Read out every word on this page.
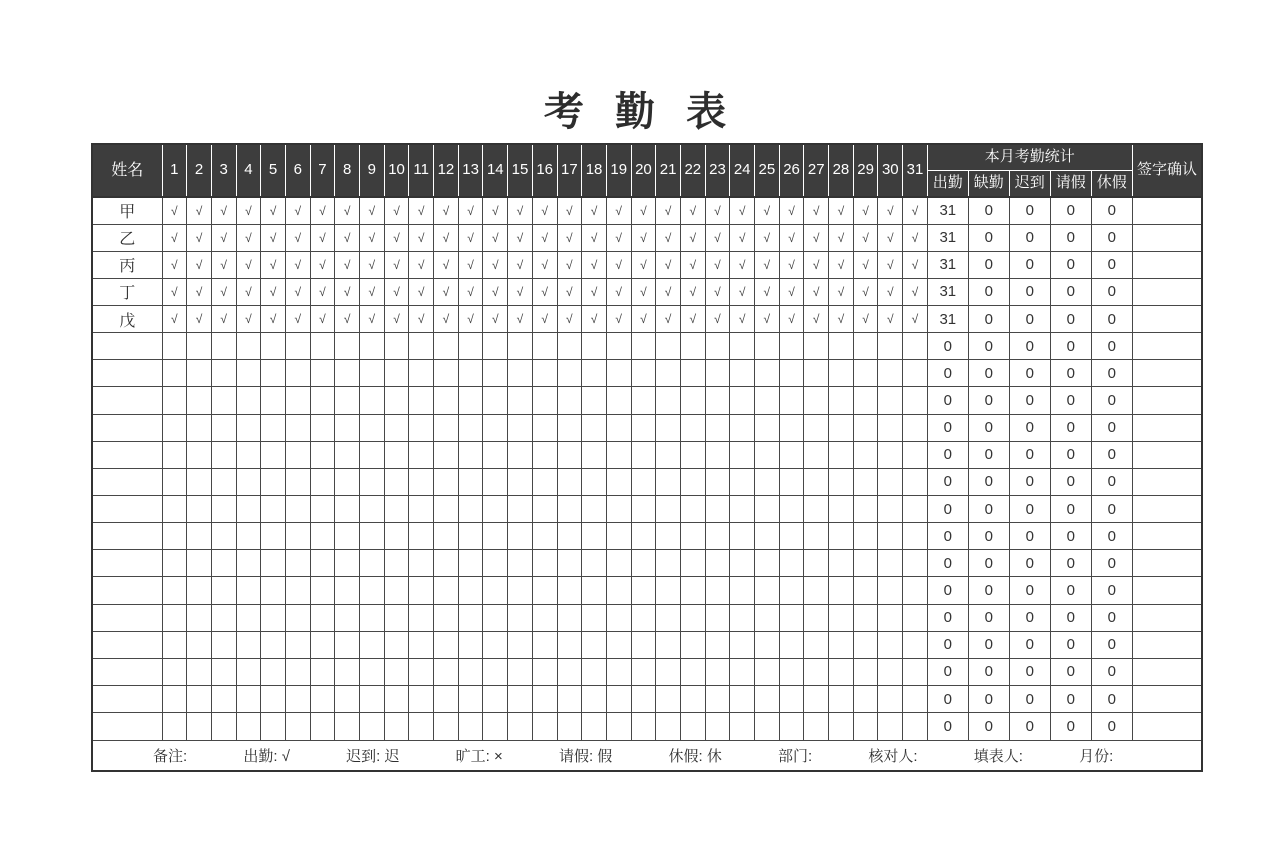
考 勤 表
姓名	1	2	3	4	5	6	7	8	9	10	11	12	13	14	15	16	17	18	19	20	21	22	23	24	25	26	27	28	29	30	31	本月考勤统计					签字确认
																																出勤	缺勤	迟到	请假	休假	
甲	√	√	√	√	√	√	√	√	√	√	√	√	√	√	√	√	√	√	√	√	√	√	√	√	√	√	√	√	√	√	√	31	0	0	0	0	
乙	√	√	√	√	√	√	√	√	√	√	√	√	√	√	√	√	√	√	√	√	√	√	√	√	√	√	√	√	√	√	√	31	0	0	0	0	
丙	√	√	√	√	√	√	√	√	√	√	√	√	√	√	√	√	√	√	√	√	√	√	√	√	√	√	√	√	√	√	√	31	0	0	0	0	
丁	√	√	√	√	√	√	√	√	√	√	√	√	√	√	√	√	√	√	√	√	√	√	√	√	√	√	√	√	√	√	√	31	0	0	0	0	
戊	√	√	√	√	√	√	√	√	√	√	√	√	√	√	√	√	√	√	√	√	√	√	√	√	√	√	√	√	√	√	√	31	0	0	0	0	
																																0	0	0	0	0	
																																0	0	0	0	0	
																																0	0	0	0	0	
																																0	0	0	0	0	
																																0	0	0	0	0	
																																0	0	0	0	0	
																																0	0	0	0	0	
																																0	0	0	0	0	
																																0	0	0	0	0	
																																0	0	0	0	0	
																																0	0	0	0	0	
																																0	0	0	0	0	
																																0	0	0	0	0	
																																0	0	0	0	0	
																																0	0	0	0	0	

备注:	出勤: √	迟到: 迟	旷工: ×	请假: 假	休假: 休	部门:	核对人:	填表人:	月份:
